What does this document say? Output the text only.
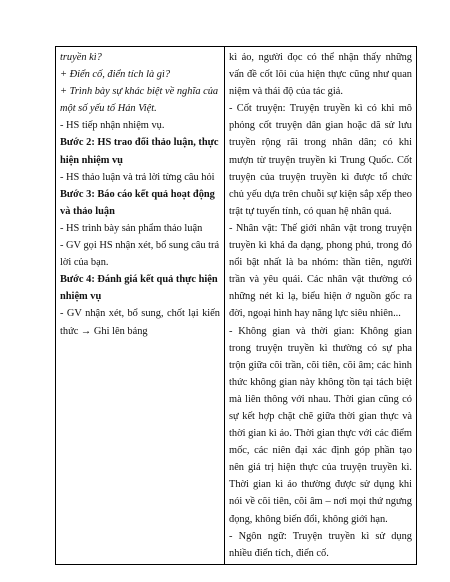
truyền kì?
+ Điển cố, điển tích là gì?
+ Trình bày sự khác biệt về nghĩa của một số yếu tố Hán Việt.
- HS tiếp nhận nhiệm vụ.
Bước 2: HS trao đổi thảo luận, thực hiện nhiệm vụ
- HS thảo luận và trả lời từng câu hỏi
Bước 3: Báo cáo kết quả hoạt động và thảo luận
- HS trình bày sản phẩm thảo luận
- GV gọi HS nhận xét, bổ sung câu trả lời của bạn.
Bước 4: Đánh giá kết quả thực hiện nhiệm vụ
- GV nhận xét, bổ sung, chốt lại kiến thức → Ghi lên bảng

kì ảo, người đọc có thể nhận thấy những vấn đề cốt lõi của hiện thực cũng như quan niệm và thái độ của tác giả.
- Cốt truyện: Truyện truyền kì có khi mô phỏng cốt truyện dân gian hoặc dã sử lưu truyền rộng rãi trong nhân dân; có khi mượn từ truyện truyền kì Trung Quốc. Cốt truyện của truyện truyền kì được tổ chức chủ yếu dựa trên chuỗi sự kiện sắp xếp theo trật tự tuyến tính, có quan hệ nhân quả.
- Nhân vật: Thế giới nhân vật trong truyện truyền kì khá đa dạng, phong phú, trong đó nổi bật nhất là ba nhóm: thần tiên, người trần và yêu quái. Các nhân vật thường có những nét kì lạ, biểu hiện ở nguồn gốc ra đời, ngoại hình hay năng lực siêu nhiên...
- Không gian và thời gian: Không gian trong truyện truyền kì thường có sự pha trộn giữa cõi trần, cõi tiên, cõi âm; các hình thức không gian này không tồn tại tách biệt mà liên thông với nhau. Thời gian cũng có sự kết hợp chặt chẽ giữa thời gian thực và thời gian kì ảo. Thời gian thực với các điểm mốc, các niên đại xác định góp phần tạo nên giá trị hiện thực của truyện truyền kì. Thời gian kì ảo thường được sử dụng khi nói về cõi tiên, cõi âm – nơi mọi thứ ngưng đọng, không biến đổi, không giới hạn.
- Ngôn ngữ: Truyện truyền kì sử dụng nhiều điển tích, điển cố.
